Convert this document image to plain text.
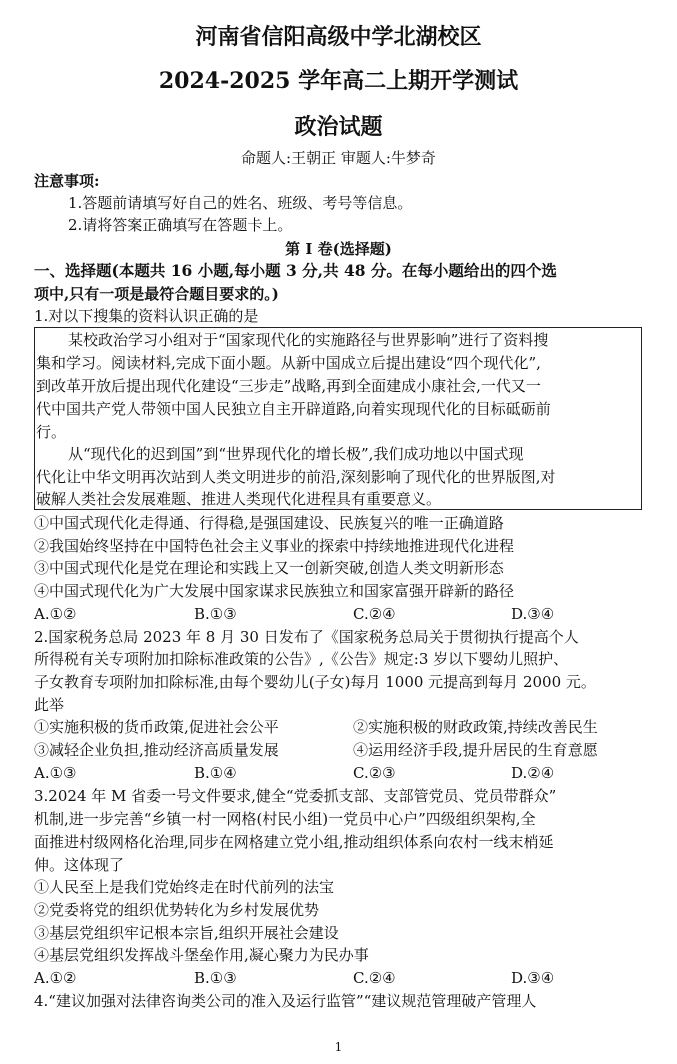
河南省信阳高级中学北湖校区
2024-2025 学年高二上期开学测试
政治试题
命题人:王朝正 审题人:牛梦奇
注意事项:
1.答题前请填写好自己的姓名、班级、考号等信息。
2.请将答案正确填写在答题卡上。
第 I 卷(选择题)
一、选择题(本题共 16 小题,每小题 3 分,共 48 分。在每小题给出的四个选
项中,只有一项是最符合题目要求的。)
1.对以下搜集的资料认识正确的是
某校政治学习小组对于“国家现代化的实施路径与世界影响”进行了资料搜
集和学习。阅读材料,完成下面小题。从新中国成立后提出建设“四个现代化”,
到改革开放后提出现代化建设“三步走”战略,再到全面建成小康社会,一代又一
代中国共产党人带领中国人民独立自主开辟道路,向着实现现代化的目标砥砺前
行。
从“现代化的迟到国”到“世界现代化的增长极”,我们成功地以中国式现
代化让中华文明再次站到人类文明进步的前沿,深刻影响了现代化的世界版图,对
破解人类社会发展难题、推进人类现代化进程具有重要意义。
①中国式现代化走得通、行得稳,是强国建设、民族复兴的唯一正确道路
②我国始终坚持在中国特色社会主义事业的探索中持续地推进现代化进程
③中国式现代化是党在理论和实践上又一创新突破,创造人类文明新形态
④中国式现代化为广大发展中国家谋求民族独立和国家富强开辟新的路径
A.①②	B.①③	C.②④	D.③④
2.国家税务总局 2023 年 8 月 30 日发布了《国家税务总局关于贯彻执行提高个人
所得税有关专项附加扣除标准政策的公告》,《公告》规定:3 岁以下婴幼儿照护、
子女教育专项附加扣除标准,由每个婴幼儿(子女)每月 1000 元提高到每月 2000 元。
此举
①实施积极的货币政策,促进社会公平	②实施积极的财政政策,持续改善民生
③减轻企业负担,推动经济高质量发展	④运用经济手段,提升居民的生育意愿
A.①③	B.①④	C.②③	D.②④
3.2024 年 M 省委一号文件要求,健全“党委抓支部、支部管党员、党员带群众”
机制,进一步完善“乡镇一村一网格(村民小组)一党员中心户”四级组织架构,全
面推进村级网格化治理,同步在网格建立党小组,推动组织体系向农村一线末梢延
伸。这体现了
①人民至上是我们党始终走在时代前列的法宝
②党委将党的组织优势转化为乡村发展优势
③基层党组织牢记根本宗旨,组织开展社会建设
④基层党组织发挥战斗堡垒作用,凝心聚力为民办事
A.①②	B.①③	C.②④	D.③④
4.“建议加强对法律咨询类公司的准入及运行监管”“建议规范管理破产管理人
1
